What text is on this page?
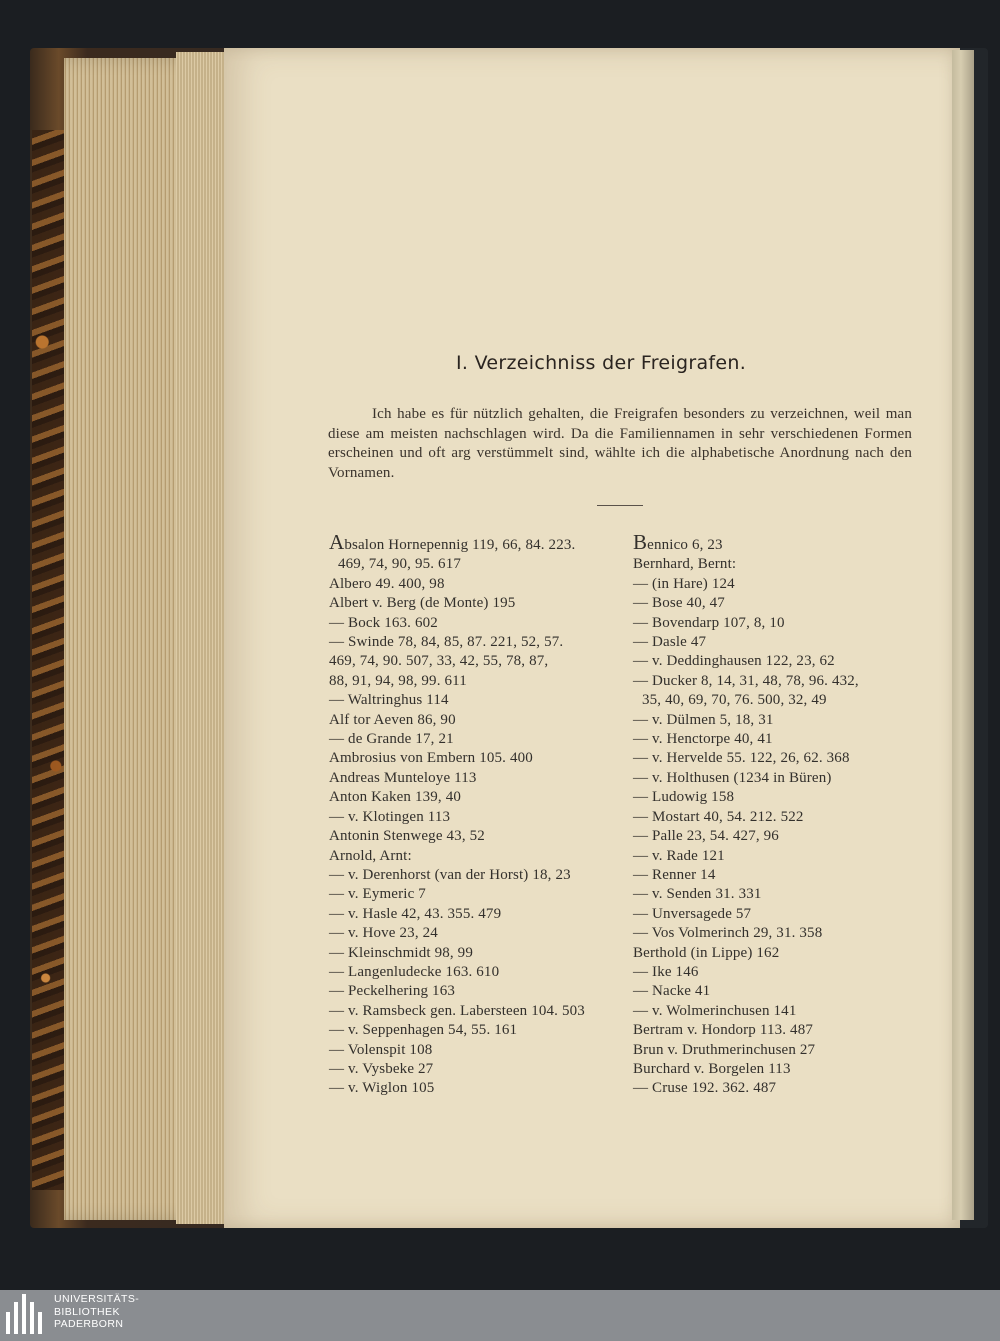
I. Verzeichniss der Freigrafen.
Ich habe es für nützlich gehalten, die Freigrafen besonders zu verzeichnen, weil man diese am meisten nachschlagen wird. Da die Familiennamen in sehr verschiedenen Formen erscheinen und oft arg verstümmelt sind, wählte ich die alphabetische Anordnung nach den Vornamen.
Absalon Hornepennig 119, 66, 84. 223.
469, 74, 90, 95. 617
Albero 49. 400, 98
Albert v. Berg (de Monte) 195
— Bock 163. 602
— Swinde 78, 84, 85, 87. 221, 52, 57.
469, 74, 90. 507, 33, 42, 55, 78, 87,
88, 91, 94, 98, 99. 611
— Waltringhus 114
Alf tor Aeven 86, 90
— de Grande 17, 21
Ambrosius von Embern 105. 400
Andreas Munteloye 113
Anton Kaken 139, 40
— v. Klotingen 113
Antonin Stenwege 43, 52
Arnold, Arnt:
— v. Derenhorst (van der Horst) 18, 23
— v. Eymeric 7
— v. Hasle 42, 43. 355. 479
— v. Hove 23, 24
— Kleinschmidt 98, 99
— Langenludecke 163. 610
— Peckelhering 163
— v. Ramsbeck gen. Labersteen 104. 503
— v. Seppenhagen 54, 55. 161
— Volenspit 108
— v. Vysbeke 27
— v. Wiglon 105
Bennico 6, 23
Bernhard, Bernt:
— (in Hare) 124
— Bose 40, 47
— Bovendarp 107, 8, 10
— Dasle 47
— v. Deddinghausen 122, 23, 62
— Ducker 8, 14, 31, 48, 78, 96. 432,
35, 40, 69, 70, 76. 500, 32, 49
— v. Dülmen 5, 18, 31
— v. Henctorpe 40, 41
— v. Hervelde 55. 122, 26, 62. 368
— v. Holthusen (1234 in Büren)
— Ludowig 158
— Mostart 40, 54. 212. 522
— Palle 23, 54. 427, 96
— v. Rade 121
— Renner 14
— v. Senden 31. 331
— Unversagede 57
— Vos Volmerinch 29, 31. 358
Berthold (in Lippe) 162
— Ike 146
— Nacke 41
— v. Wolmerinchusen 141
Bertram v. Hondorp 113. 487
Brun v. Druthmerinchusen 27
Burchard v. Borgelen 113
— Cruse 192. 362. 487
UNIVERSITÄTS-
BIBLIOTHEK
PADERBORN
